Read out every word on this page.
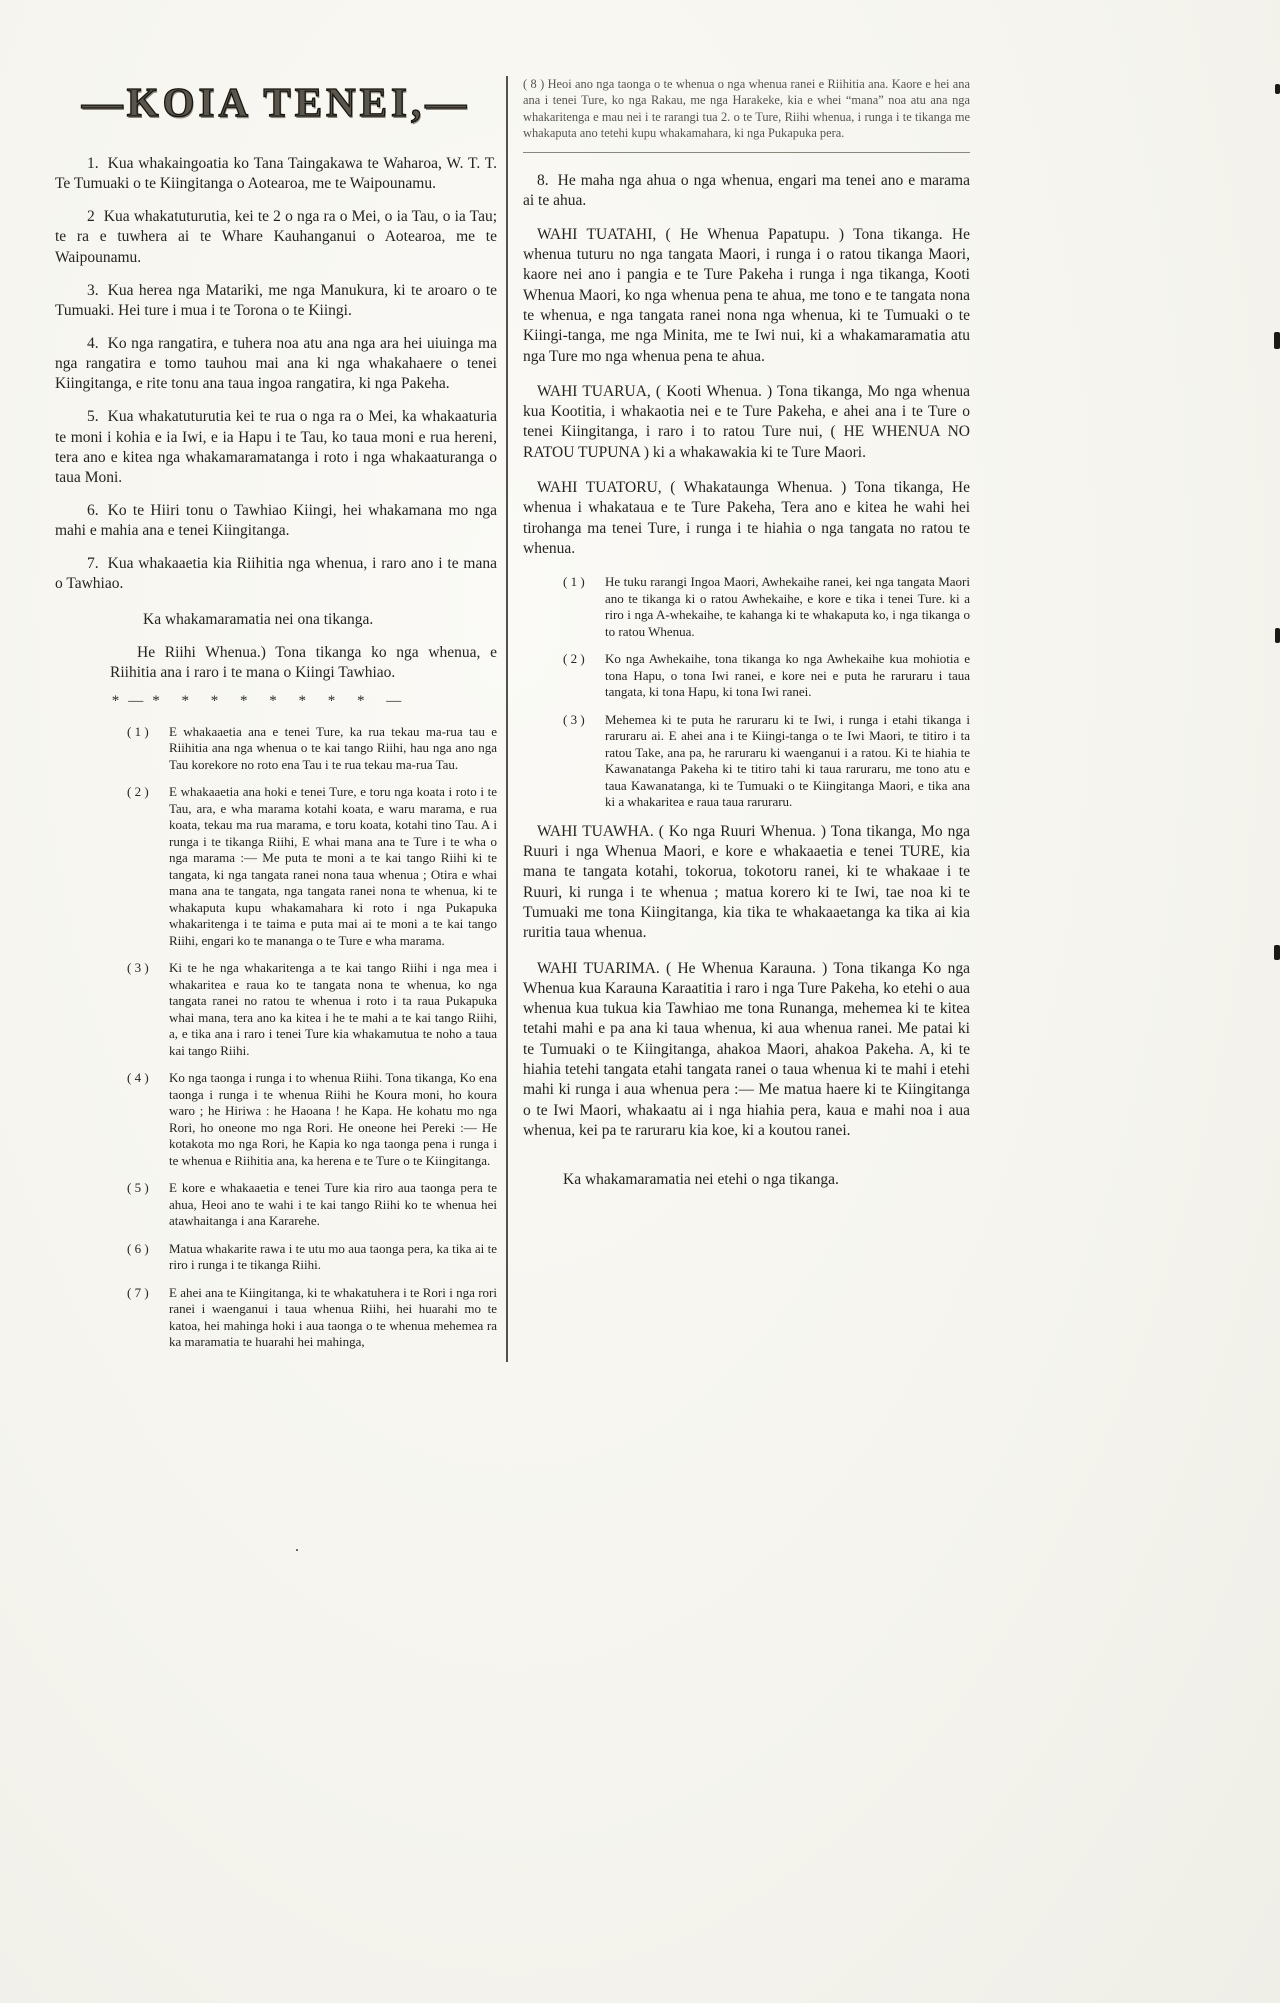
—KOIA TENEI,—

1. Kua whakaingoatia ko Tana Taingakawa te Waharoa, W. T. T. Te Tumuaki o te Kiingitanga o Aotearoa, me te Waipounamu.

2 Kua whakatuturutia, kei te 2 o nga ra o Mei, o ia Tau, o ia Tau; te ra e tuwhera ai te Whare Kauhanganui o Aotearoa, me te Waipounamu.

3. Kua herea nga Matariki, me nga Manukura, ki te aroaro o te Tumuaki. Hei ture i mua i te Torona o te Kiingi.

4. Ko nga rangatira, e tuhera noa atu ana nga ara hei uiuinga ma nga rangatira e tomo tauhou mai ana ki nga whakahaere o tenei Kiingitanga, e rite tonu ana taua ingoa rangatira, ki nga Pakeha.

5. Kua whakatuturutia kei te rua o nga ra o Mei, ka whakaaturia te moni i kohia e ia Iwi, e ia Hapu i te Tau, ko taua moni e rua hereni, tera ano e kitea nga whakamaramatanga i roto i nga whakaaturanga o taua Moni.

6. Ko te Hiiri tonu o Tawhiao Kiingi, hei whakamana mo nga mahi e mahia ana e tenei Kiingitanga.

7. Kua whakaaetia kia Riihitia nga whenua, i raro ano i te mana o Tawhiao.

Ka whakamaramatia nei ona tikanga.

He Riihi Whenua.) Tona tikanga ko nga whenua, e Riihitia ana i raro i te mana o Kiingi Tawhiao.

*—* * * * * * * * —
( 1 )	E whakaaetia ana e tenei Ture, ka rua tekau ma-rua tau e Riihitia ana nga whenua o te kai tango Riihi, hau nga ano nga Tau korekore no roto ena Tau i te rua tekau ma-rua Tau.
( 2 )	E whakaaetia ana hoki e tenei Ture, e toru nga koata i roto i te Tau, ara, e wha marama kotahi koata, e waru marama, e rua koata, tekau ma rua marama, e toru koata, kotahi tino Tau. A i runga i te tikanga Riihi, E whai mana ana te Ture i te wha o nga marama :— Me puta te moni a te kai tango Riihi ki te tangata, ki nga tangata ranei nona taua whenua ; Otira e whai mana ana te tangata, nga tangata ranei nona te whenua, ki te whakaputa kupu whakamahara ki roto i nga Pukapuka whakaritenga i te taima e puta mai ai te moni a te kai tango Riihi, engari ko te mananga o te Ture e wha marama.
( 3 )	Ki te he nga whakaritenga a te kai tango Riihi i nga mea i whakaritea e raua ko te tangata nona te whenua, ko nga tangata ranei no ratou te whenua i roto i ta raua Pukapuka whai mana, tera ano ka kitea i he te mahi a te kai tango Riihi, a, e tika ana i raro i tenei Ture kia whakamutua te noho a taua kai tango Riihi.
( 4 )	Ko nga taonga i runga i to whenua Riihi. Tona tikanga, Ko ena taonga i runga i te whenua Riihi he Koura moni, ho koura waro ; he Hiriwa : he Haoana ! he Kapa. He kohatu mo nga Rori, ho oneone mo nga Rori. He oneone hei Pereki :— He kotakota mo nga Rori, he Kapia ko nga taonga pena i runga i te whenua e Riihitia ana, ka herena e te Ture o te Kiingitanga.
( 5 )	E kore e whakaaetia e tenei Ture kia riro aua taonga pera te ahua, Heoi ano te wahi i te kai tango Riihi ko te whenua hei atawhaitanga i ana Kararehe.
( 6 )	Matua whakarite rawa i te utu mo aua taonga pera, ka tika ai te riro i runga i te tikanga Riihi.
( 7 )	E ahei ana te Kiingitanga, ki te whakatuhera i te Rori i nga rori ranei i waenganui i taua whenua Riihi, hei huarahi mo te katoa, hei mahinga hoki i aua taonga o te whenua mehemea ra ka maramatia te huarahi hei mahinga,

( 8 ) Heoi ano nga taonga o te whenua o nga whenua ranei e Riihitia ana. Kaore e hei ana ana i tenei Ture, ko nga Rakau, me nga Harakeke, kia e whei “mana” noa atu ana nga whakaritenga e mau nei i te rarangi tua 2. o te Ture, Riihi whenua, i runga i te tikanga me whakaputa ano tetehi kupu whakamahara, ki nga Pukapuka pera.

8. He maha nga ahua o nga whenua, engari ma tenei ano e marama ai te ahua.

WAHI TUATAHI, ( He Whenua Papatupu. ) Tona tikanga. He whenua tuturu no nga tangata Maori, i runga i o ratou tikanga Maori, kaore nei ano i pangia e te Ture Pakeha i runga i nga tikanga, Kooti Whenua Maori, ko nga whenua pena te ahua, me tono e te tangata nona te whenua, e nga tangata ranei nona nga whenua, ki te Tumuaki o te Kiingi-tanga, me nga Minita, me te Iwi nui, ki a whakamaramatia atu nga Ture mo nga whenua pena te ahua.

WAHI TUARUA, ( Kooti Whenua. ) Tona tikanga, Mo nga whenua kua Kootitia, i whakaotia nei e te Ture Pakeha, e ahei ana i te Ture o tenei Kiingitanga, i raro i to ratou Ture nui, ( HE WHENUA NO RATOU TUPUNA ) ki a whakawakia ki te Ture Maori.

WAHI TUATORU, ( Whakataunga Whenua. ) Tona tikanga, He whenua i whakataua e te Ture Pakeha, Tera ano e kitea he wahi hei tirohanga ma tenei Ture, i runga i te hiahia o nga tangata no ratou te whenua.

( 1 )	He tuku rarangi Ingoa Maori, Awhekaihe ranei, kei nga tangata Maori ano te tikanga ki o ratou Awhekaihe, e kore e tika i tenei Ture. ki a riro i nga A-whekaihe, te kahanga ki te whakaputa ko, i nga tikanga o to ratou Whenua.
( 2 )	Ko nga Awhekaihe, tona tikanga ko nga Awhekaihe kua mohiotia e tona Hapu, o tona Iwi ranei, e kore nei e puta he raruraru i taua tangata, ki tona Hapu, ki tona Iwi ranei.
( 3 )	Mehemea ki te puta he raruraru ki te Iwi, i runga i etahi tikanga i raruraru ai. E ahei ana i te Kiingi-tanga o te Iwi Maori, te titiro i ta ratou Take, ana pa, he raruraru ki waenganui i a ratou. Ki te hiahia te Kawanatanga Pakeha ki te titiro tahi ki taua raruraru, me tono atu e taua Kawanatanga, ki te Tumuaki o te Kiingitanga Maori, e tika ana ki a whakaritea e raua taua raruraru.

WAHI TUAWHA. ( Ko nga Ruuri Whenua. ) Tona tikanga, Mo nga Ruuri i nga Whenua Maori, e kore e whakaaetia e tenei TURE, kia mana te tangata kotahi, tokorua, tokotoru ranei, ki te whakaae i te Ruuri, ki runga i te whenua ; matua korero ki te Iwi, tae noa ki te Tumuaki me tona Kiingitanga, kia tika te whakaaetanga ka tika ai kia ruritia taua whenua.

WAHI TUARIMA. ( He Whenua Karauna. ) Tona tikanga Ko nga Whenua kua Karauna Karaatitia i raro i nga Ture Pakeha, ko etehi o aua whenua kua tukua kia Tawhiao me tona Runanga, mehemea ki te kitea tetahi mahi e pa ana ki taua whenua, ki aua whenua ranei. Me patai ki te Tumuaki o te Kiingitanga, ahakoa Maori, ahakoa Pakeha. A, ki te hiahia tetehi tangata etahi tangata ranei o taua whenua ki te mahi i etehi mahi ki runga i aua whenua pera :— Me matua haere ki te Kiingitanga o te Iwi Maori, whakaatu ai i nga hiahia pera, kaua e mahi noa i aua whenua, kei pa te raruraru kia koe, ki a koutou ranei.

Ka whakamaramatia nei etehi o nga tikanga.

.
